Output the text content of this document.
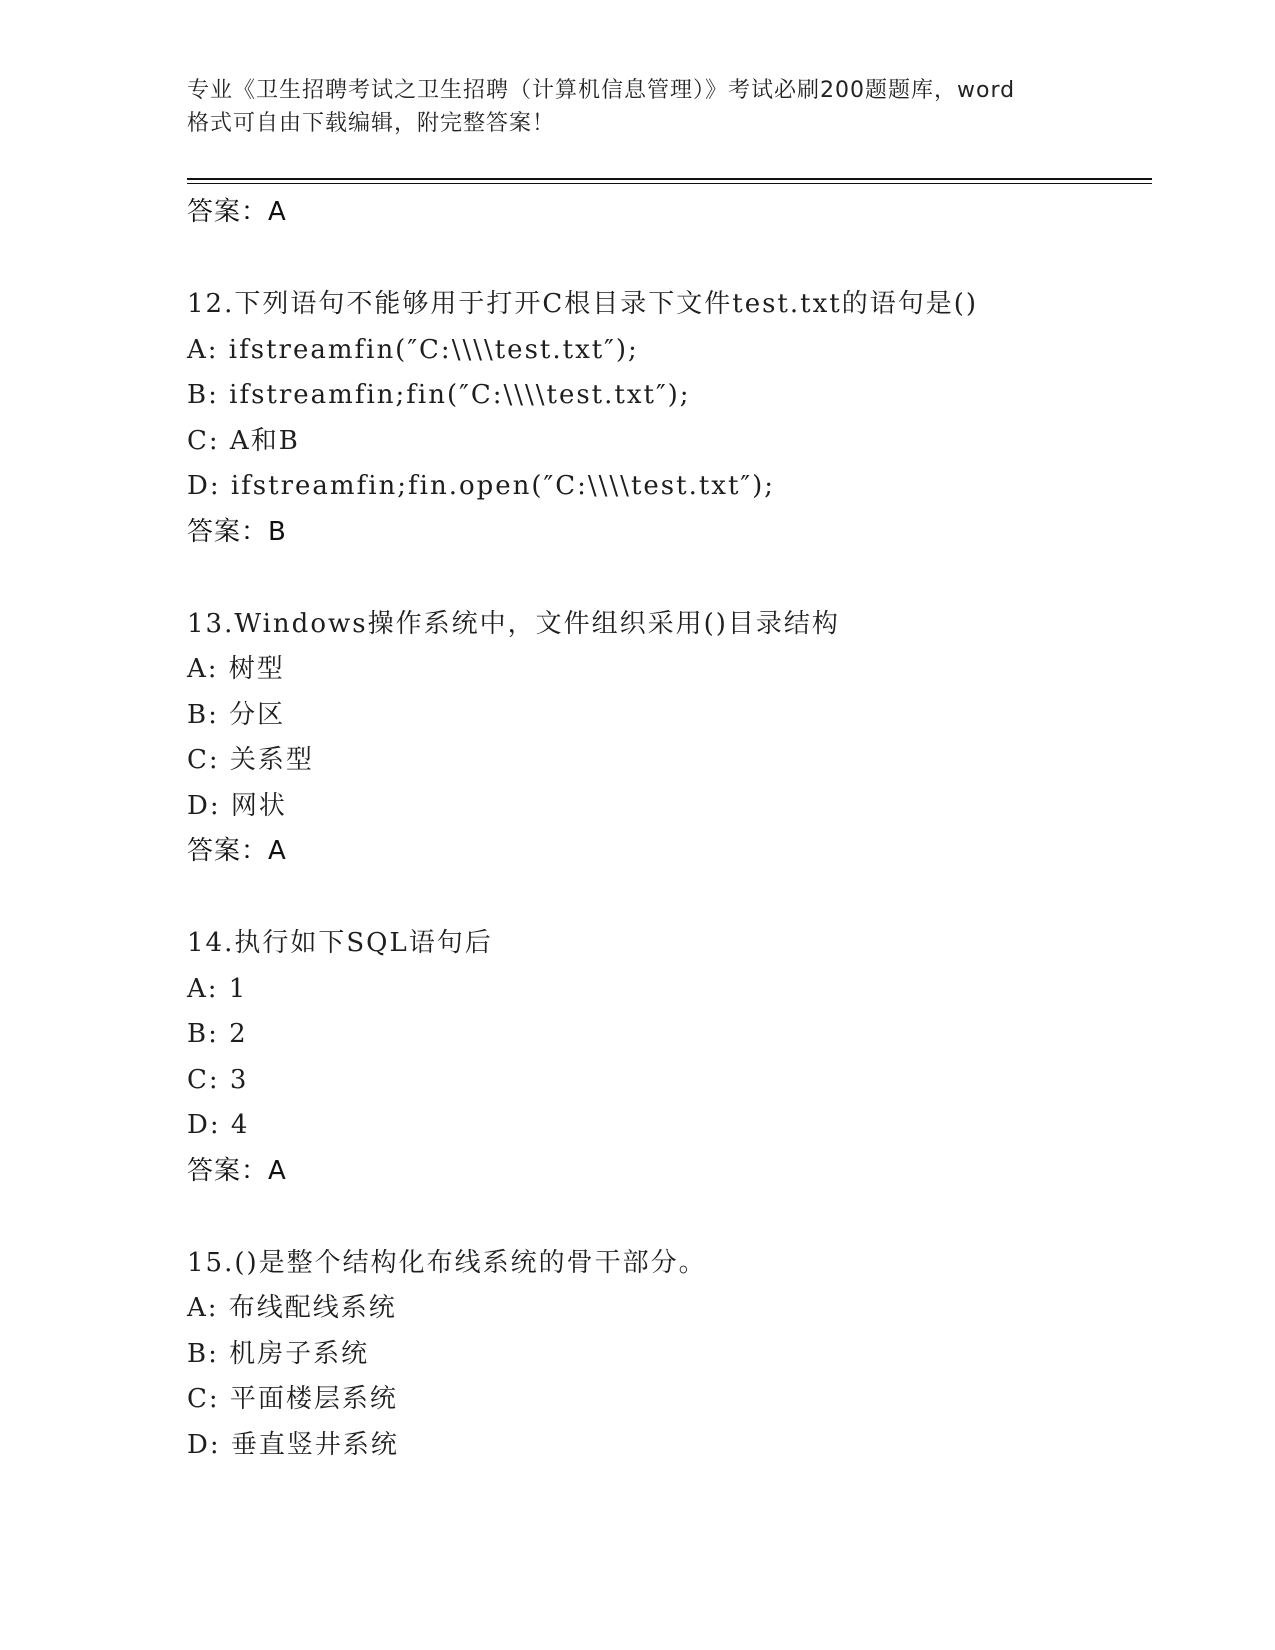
专业《卫生招聘考试之卫生招聘（计算机信息管理）》考试必刷200题题库，word
格式可自由下载编辑，附完整答案！
答案：A
12.下列语句不能够用于打开C根目录下文件test.txt的语句是()
A: ifstreamfin(″C:\\\\test.txt″);
B: ifstreamfin;fin(″C:\\\\test.txt″);
C: A和B
D: ifstreamfin;fin.open(″C:\\\\test.txt″);
答案：B
13.Windows操作系统中，文件组织采用()目录结构
A: 树型
B: 分区
C: 关系型
D: 网状
答案：A
14.执行如下SQL语句后
A: 1
B: 2
C: 3
D: 4
答案：A
15.()是整个结构化布线系统的骨干部分。
A: 布线配线系统
B: 机房子系统
C: 平面楼层系统
D: 垂直竖井系统
